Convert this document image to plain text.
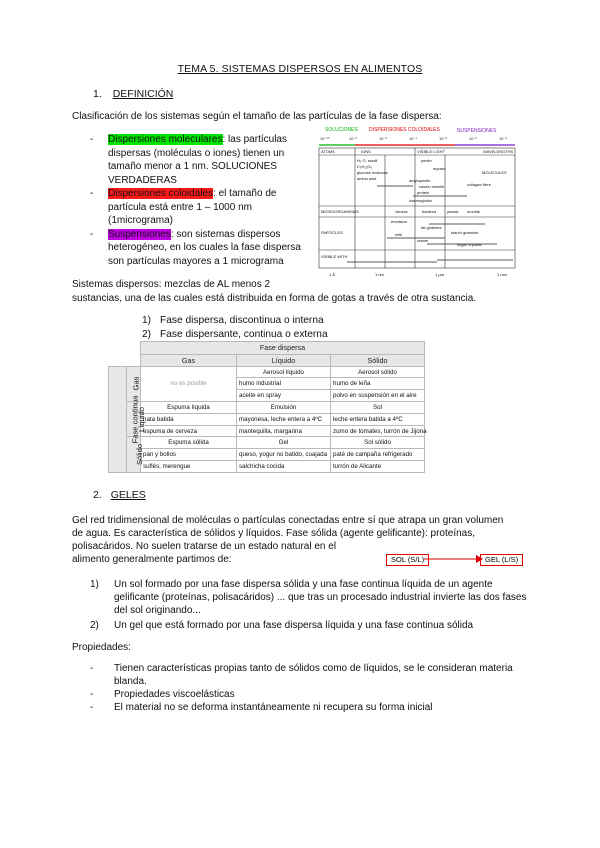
TEMA 5. SISTEMAS DISPERSOS EN ALIMENTOS
1. DEFINICIÓN
Clasificación de los sistemas según el tamaño de las partículas de la fase dispersa:
- Dispersiones moleculares: las partículas
dispersas (moléculas o iones) tienen un
tamaño menor a 1 nm. SOLUCIONES
VERDADERAS
- Dispersiones coloidales: el tamaño de
partícula está entre 1 – 1000 nm
(1micrograma)
- Suspensiones: son sistemas dispersos
heterogéneo, en los cuales la fase dispersa
son partículas mayores a 1 micrograma
SOLUCIONES DISPERSIONES COLOIDALES	SUSPENSIONES
10⁻¹⁰	10⁻⁹	10⁻⁸	10⁻⁷	10⁻⁶	10⁻⁵	10⁻⁴
ATOMS	IONS	VISIBLE LIGHT	WAVELENGTHS
H₂ O, small
C₆H₁₂O₆
glucose molecule
amino acid
pectin
myosin
MOLECULES
amylopectin
casein micelle
protein
collagen fibre
haemoglobin
MICROORGANISMS
PARTICLES
VISIBLE WITH
viruses	bacteria	yeasts moulds
emulsion
fat globules
milk
cream
starch granules
sugar crystals
1 Å	1 nm	1 µm	1 mm
Sistemas dispersos: mezclas de AL menos 2
sustancias, una de las cuales está distribuida en forma de gotas a través de otra sustancia.
1) Fase dispersa, discontinua o interna
2) Fase dispersante, continua o externa
		Fase dispersa		
		Gas	Líquido	Sólido
Fase continua	Gas	no es posible	Aerosol líquido	Aerosol sólido
			humo industrial	humo de leña
			aceite en spray	polvo en suspensión en el aire
	Líquido	Espuma líquida	Emulsión	Sol
		nata batida	mayonesa, leche entera a 4ºC	leche entera batida a 4ºC
		espuma de cerveza	mantequilla, margarina	zumo de tomates, turrón de Jijona
	Sólido	Espuma sólida	Gel	Sol sólido
		pan y bollos	queso, yogur no batido, cuajada	paté de campaña refrigerado
		suflés, merengue	salchicha cocida	turrón de Alicante
2. GELES
Gel red tridimensional de moléculas o partículas conectadas entre sí que atrapa un gran volumen
de agua. Es característica de sólidos y líquidos. Fase sólida (agente gelificante): proteínas,
polisacáridos. No suelen tratarse de un estado natural en el
alimento generalmente partimos de:	SOL (S/L)	GEL (L/S)
1) Un sol formado por una fase dispersa sólida y una fase continua líquida de un agente
gelificante (proteínas, polisacáridos) ... que tras un procesado industrial invierte las dos fases
del sol originando...
2) Un gel que está formado por una fase dispersa líquida y una fase continua sólida
Propiedades:
- Tienen características propias tanto de sólidos como de líquidos, se le consideran materia
blanda.
- Propiedades viscoelásticas
- El material no se deforma instantáneamente ni recupera su forma inicial
